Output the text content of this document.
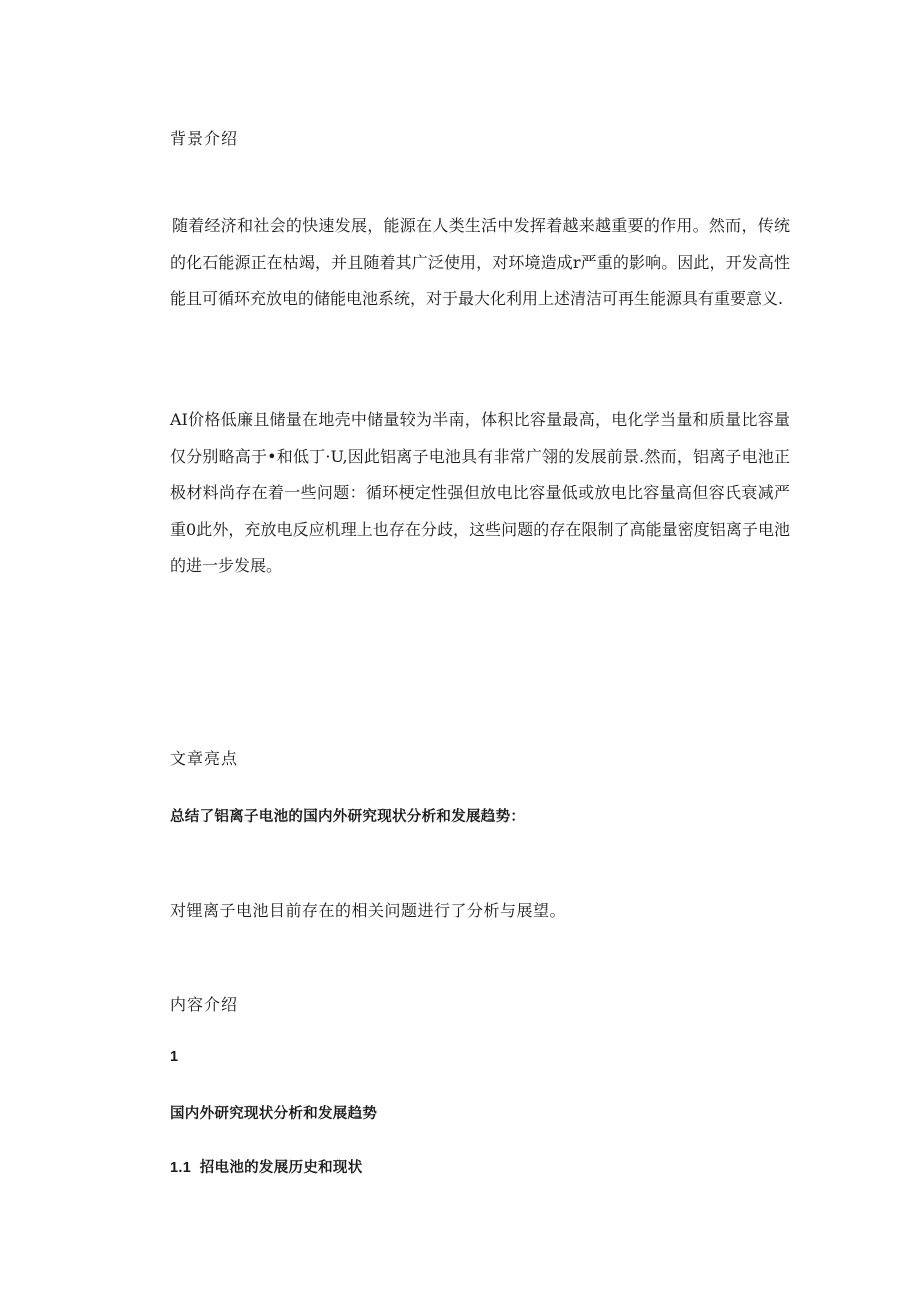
背景介绍

随着经济和社会的快速发展，能源在人类生活中发挥着越来越重要的作用。然而，传统的化石能源正在枯竭，并且随着其广泛使用，对环境造成r严重的影响。因此，开发高性能且可循环充放电的储能电池系统，对于最大化利用上述清洁可再生能源具有重要意义.

AI价格低廉且储量在地壳中储量较为半南，体积比容量最高，电化学当量和质量比容量仅分别略高于•和低丁·U,因此铝离子电池具有非常广翎的发展前景.然而，铝离子电池正极材料尚存在着一些问题：循环梗定性强但放电比容量低或放电比容量高但容氏衰减严重0此外，充放电反应机理上也存在分歧，这些问题的存在限制了高能量密度铝离子电池的进一步发展。

文章亮点

总结了铝离子电池的国内外研究现状分析和发展趋势：

对锂离子电池目前存在的相关问题进行了分析与展望。

内容介绍

1

国内外研究现状分析和发展趋势

1.1  招电池的发展历史和现状
